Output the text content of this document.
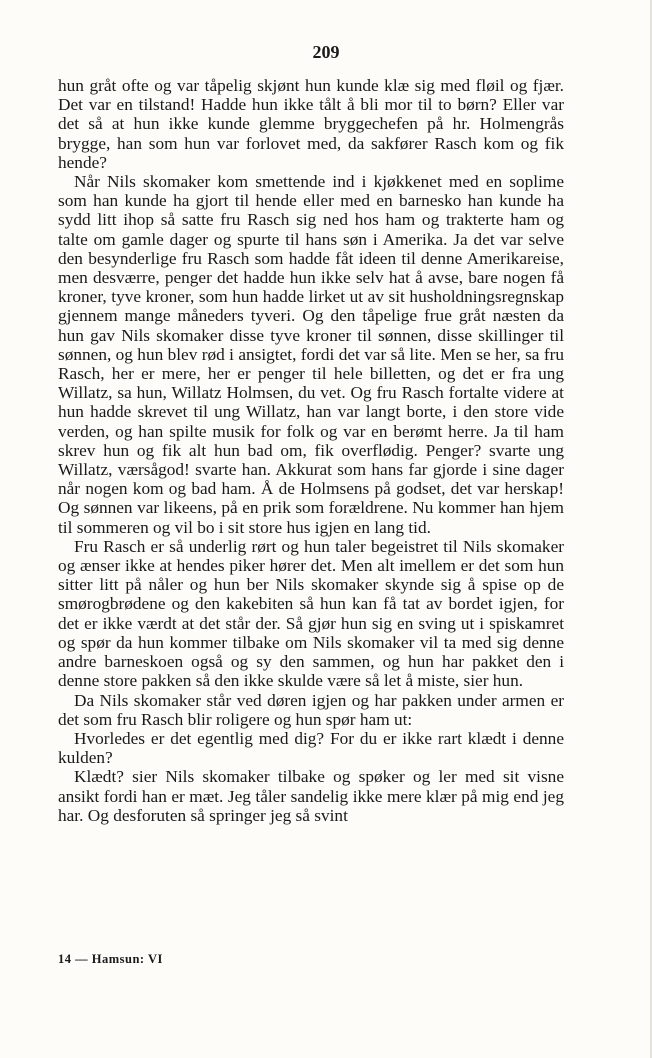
209

hun gråt ofte og var tåpelig skjønt hun kunde klæ sig med fløil og fjær. Det var en tilstand! Hadde hun ikke tålt å bli mor til to børn? Eller var det så at hun ikke kunde glemme bryggechefen på hr. Holmengrås brygge, han som hun var forlovet med, da sakfører Rasch kom og fik hende?

Når Nils skomaker kom smettende ind i kjøkkenet med en soplime som han kunde ha gjort til hende eller med en barnesko han kunde ha sydd litt ihop så satte fru Rasch sig ned hos ham og trakterte ham og talte om gamle dager og spurte til hans søn i Amerika. Ja det var selve den besynderlige fru Rasch som hadde fåt ideen til denne Amerikareise, men desværre, penger det hadde hun ikke selv hat å avse, bare nogen få kroner, tyve kroner, som hun hadde lirket ut av sit husholdningsregnskap gjennem mange måneders tyveri. Og den tåpelige frue gråt næsten da hun gav Nils skomaker disse tyve kroner til sønnen, disse skillinger til sønnen, og hun blev rød i ansigtet, fordi det var så lite. Men se her, sa fru Rasch, her er mere, her er penger til hele billetten, og det er fra ung Willatz, sa hun, Willatz Holmsen, du vet. Og fru Rasch fortalte videre at hun hadde skrevet til ung Willatz, han var langt borte, i den store vide verden, og han spilte musik for folk og var en berømt herre. Ja til ham skrev hun og fik alt hun bad om, fik overflødig. Penger? svarte ung Willatz, værsågod! svarte han. Akkurat som hans far gjorde i sine dager når nogen kom og bad ham. Å de Holmsens på godset, det var herskap! Og sønnen var likeens, på en prik som forældrene. Nu kommer han hjem til sommeren og vil bo i sit store hus igjen en lang tid.

Fru Rasch er så underlig rørt og hun taler begeistret til Nils skomaker og ænser ikke at hendes piker hører det. Men alt imellem er det som hun sitter litt på nåler og hun ber Nils skomaker skynde sig å spise op de smørogbrødene og den kakebiten så hun kan få tat av bordet igjen, for det er ikke værdt at det står der. Så gjør hun sig en sving ut i spiskamret og spør da hun kommer tilbake om Nils skomaker vil ta med sig denne andre barneskoen også og sy den sammen, og hun har pakket den i denne store pakken så den ikke skulde være så let å miste, sier hun.

Da Nils skomaker står ved døren igjen og har pakken under armen er det som fru Rasch blir roligere og hun spør ham ut:

Hvorledes er det egentlig med dig? For du er ikke rart klædt i denne kulden?

Klædt? sier Nils skomaker tilbake og spøker og ler med sit visne ansikt fordi han er mæt. Jeg tåler sandelig ikke mere klær på mig end jeg har. Og desforuten så springer jeg så svint

14 — Hamsun: VI
